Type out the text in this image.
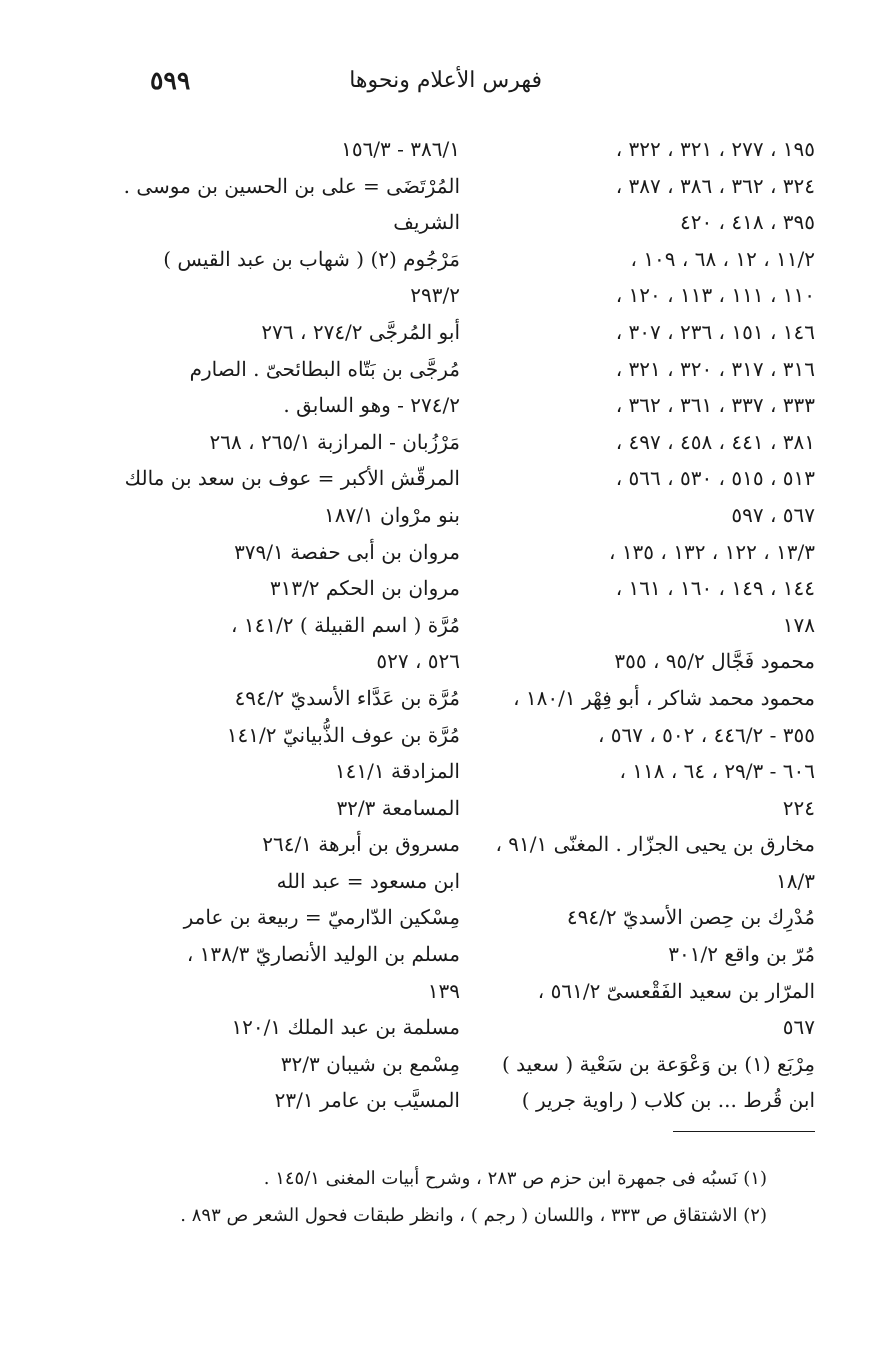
٥٩٩	فهرس الأعلام ونحوها
١٩٥ ، ٢٧٧ ، ٣٢١ ، ٣٢٢ ،
٣٢٤ ، ٣٦٢ ، ٣٨٦ ، ٣٨٧ ،
٣٩٥ ، ٤١٨ ، ٤٢٠
١١/٢ ، ١٢ ، ٦٨ ، ١٠٩ ،
١١٠ ، ١١١ ، ١١٣ ، ١٢٠ ،
١٤٦ ، ١٥١ ، ٢٣٦ ، ٣٠٧ ،
٣١٦ ، ٣١٧ ، ٣٢٠ ، ٣٢١ ،
٣٣٣ ، ٣٣٧ ، ٣٦١ ، ٣٦٢ ،
٣٨١ ، ٤٤١ ، ٤٥٨ ، ٤٩٧ ،
٥١٣ ، ٥١٥ ، ٥٣٠ ، ٥٦٦ ،
٥٦٧ ، ٥٩٧
١٣/٣ ، ١٢٢ ، ١٣٢ ، ١٣٥ ،
١٤٤ ، ١٤٩ ، ١٦٠ ، ١٦١ ،
١٧٨
محمود فَجَّال ٩٥/٢ ، ٣٥٥
محمود محمد شاكر ، أبو فِهْر ١٨٠/١ ،
٣٥٥ - ٤٤٦/٢ ، ٥٠٢ ، ٥٦٧ ،
٦٠٦ - ٢٩/٣ ، ٦٤ ، ١١٨ ،
٢٢٤
مخارق بن يحيى الجزّار . المغنّى ٩١/١ ،
١٨/٣
مُدْرِك بن حِصن الأسديّ ٤٩٤/٢
مُرّ بن واقع ٣٠١/٢
المرّار بن سعيد الفَقْعسىّ ٥٦١/٢ ،
٥٦٧
مِرْبَع (١) بن وَعْوَعة بن سَعْية ( سعيد )
ابن قُرط ... بن كلاب ( راوية جرير )
٣٨٦/١ - ١٥٦/٣
المُرْتَضَى = على بن الحسين بن موسى .
الشريف
مَرْجُوم (٢) ( شهاب بن عبد القيس )
٢٩٣/٢
أبو المُرجَّى ٢٧٤/٢ ، ٢٧٦
مُرجَّى بن بَتّاه البطائحىّ . الصارم
٢٧٤/٢ - وهو السابق .
مَرْزُبان - المرازبة ٢٦٥/١ ، ٢٦٨
المرقّش الأكبر = عوف بن سعد بن مالك
بنو مرْوان ١٨٧/١
مروان بن أبى حفصة ٣٧٩/١
مروان بن الحكم ٣١٣/٢
مُرَّة ( اسم القبيلة ) ١٤١/٢ ،
٥٢٦ ، ٥٢٧
مُرَّة بن عَدَّاء الأسديّ ٤٩٤/٢
مُرَّة بن عوف الذُّبيانيّ ١٤١/٢
المزادقة ١٤١/١
المسامعة ٣٢/٣
مسروق بن أبرهة ٢٦٤/١
ابن مسعود = عبد الله
مِسْكين الدّارميّ = ربيعة بن عامر
مسلم بن الوليد الأنصاريّ ١٣٨/٣ ،
١٣٩
مسلمة بن عبد الملك ١٢٠/١
مِسْمع بن شيبان ٣٢/٣
المسيَّب بن عامر ٢٣/١
(١) نَسبُه فى جمهرة ابن حزم ص ٢٨٣ ، وشرح أبيات المغنى ١٤٥/١ .
(٢) الاشتقاق ص ٣٣٣ ، واللسان ( رجم ) ، وانظر طبقات فحول الشعر ص ٨٩٣ .
